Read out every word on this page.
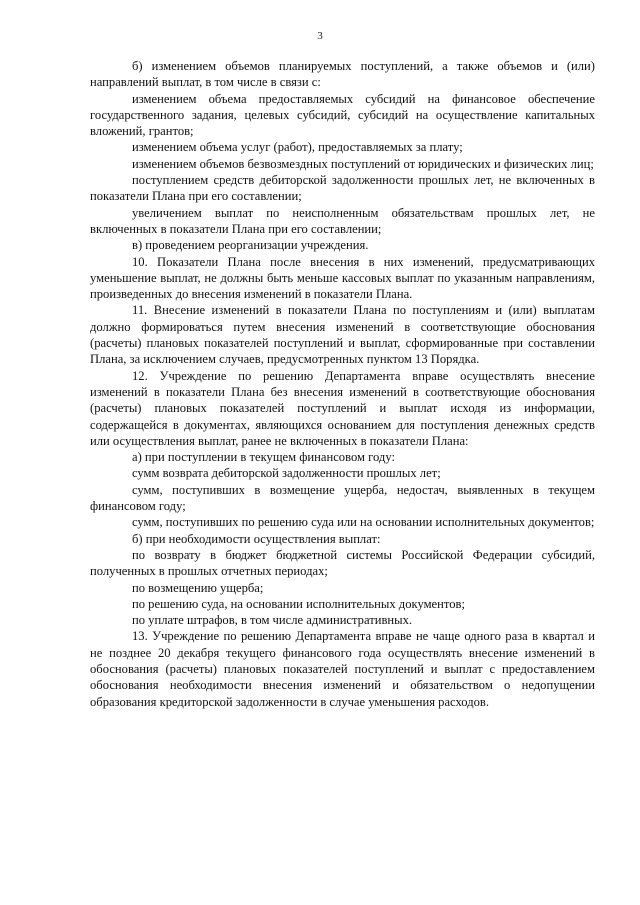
3

б) изменением объемов планируемых поступлений, а также объемов и (или) направлений выплат, в том числе в связи с:

изменением объема предоставляемых субсидий на финансовое обеспечение государственного задания, целевых субсидий, субсидий на осуществление капитальных вложений, грантов;

изменением объема услуг (работ), предоставляемых за плату;

изменением объемов безвозмездных поступлений от юридических и физических лиц;

поступлением средств дебиторской задолженности прошлых лет, не включенных в показатели Плана при его составлении;

увеличением выплат по неисполненным обязательствам прошлых лет, не включенных в показатели Плана при его составлении;

в) проведением реорганизации учреждения.

10. Показатели Плана после внесения в них изменений, предусматривающих уменьшение выплат, не должны быть меньше кассовых выплат по указанным направлениям, произведенных до внесения изменений в показатели Плана.

11. Внесение изменений в показатели Плана по поступлениям и (или) выплатам должно формироваться путем внесения изменений в соответствующие обоснования (расчеты) плановых показателей поступлений и выплат, сформированные при составлении Плана, за исключением случаев, предусмотренных пунктом 13 Порядка.

12. Учреждение по решению Департамента вправе осуществлять внесение изменений в показатели Плана без внесения изменений в соответствующие обоснования (расчеты) плановых показателей поступлений и выплат исходя из информации, содержащейся в документах, являющихся основанием для поступления денежных средств или осуществления выплат, ранее не включенных в показатели Плана:

а) при поступлении в текущем финансовом году:

сумм возврата дебиторской задолженности прошлых лет;

сумм, поступивших в возмещение ущерба, недостач, выявленных в текущем финансовом году;

сумм, поступивших по решению суда или на основании исполнительных документов;

б) при необходимости осуществления выплат:

по возврату в бюджет бюджетной системы Российской Федерации субсидий, полученных в прошлых отчетных периодах;

по возмещению ущерба;

по решению суда, на основании исполнительных документов;

по уплате штрафов, в том числе административных.

13. Учреждение по решению Департамента вправе не чаще одного раза в квартал и не позднее 20 декабря текущего финансового года осуществлять внесение изменений в обоснования (расчеты) плановых показателей поступлений и выплат с предоставлением обоснования необходимости внесения изменений и обязательством о недопущении образования кредиторской задолженности в случае уменьшения расходов.
